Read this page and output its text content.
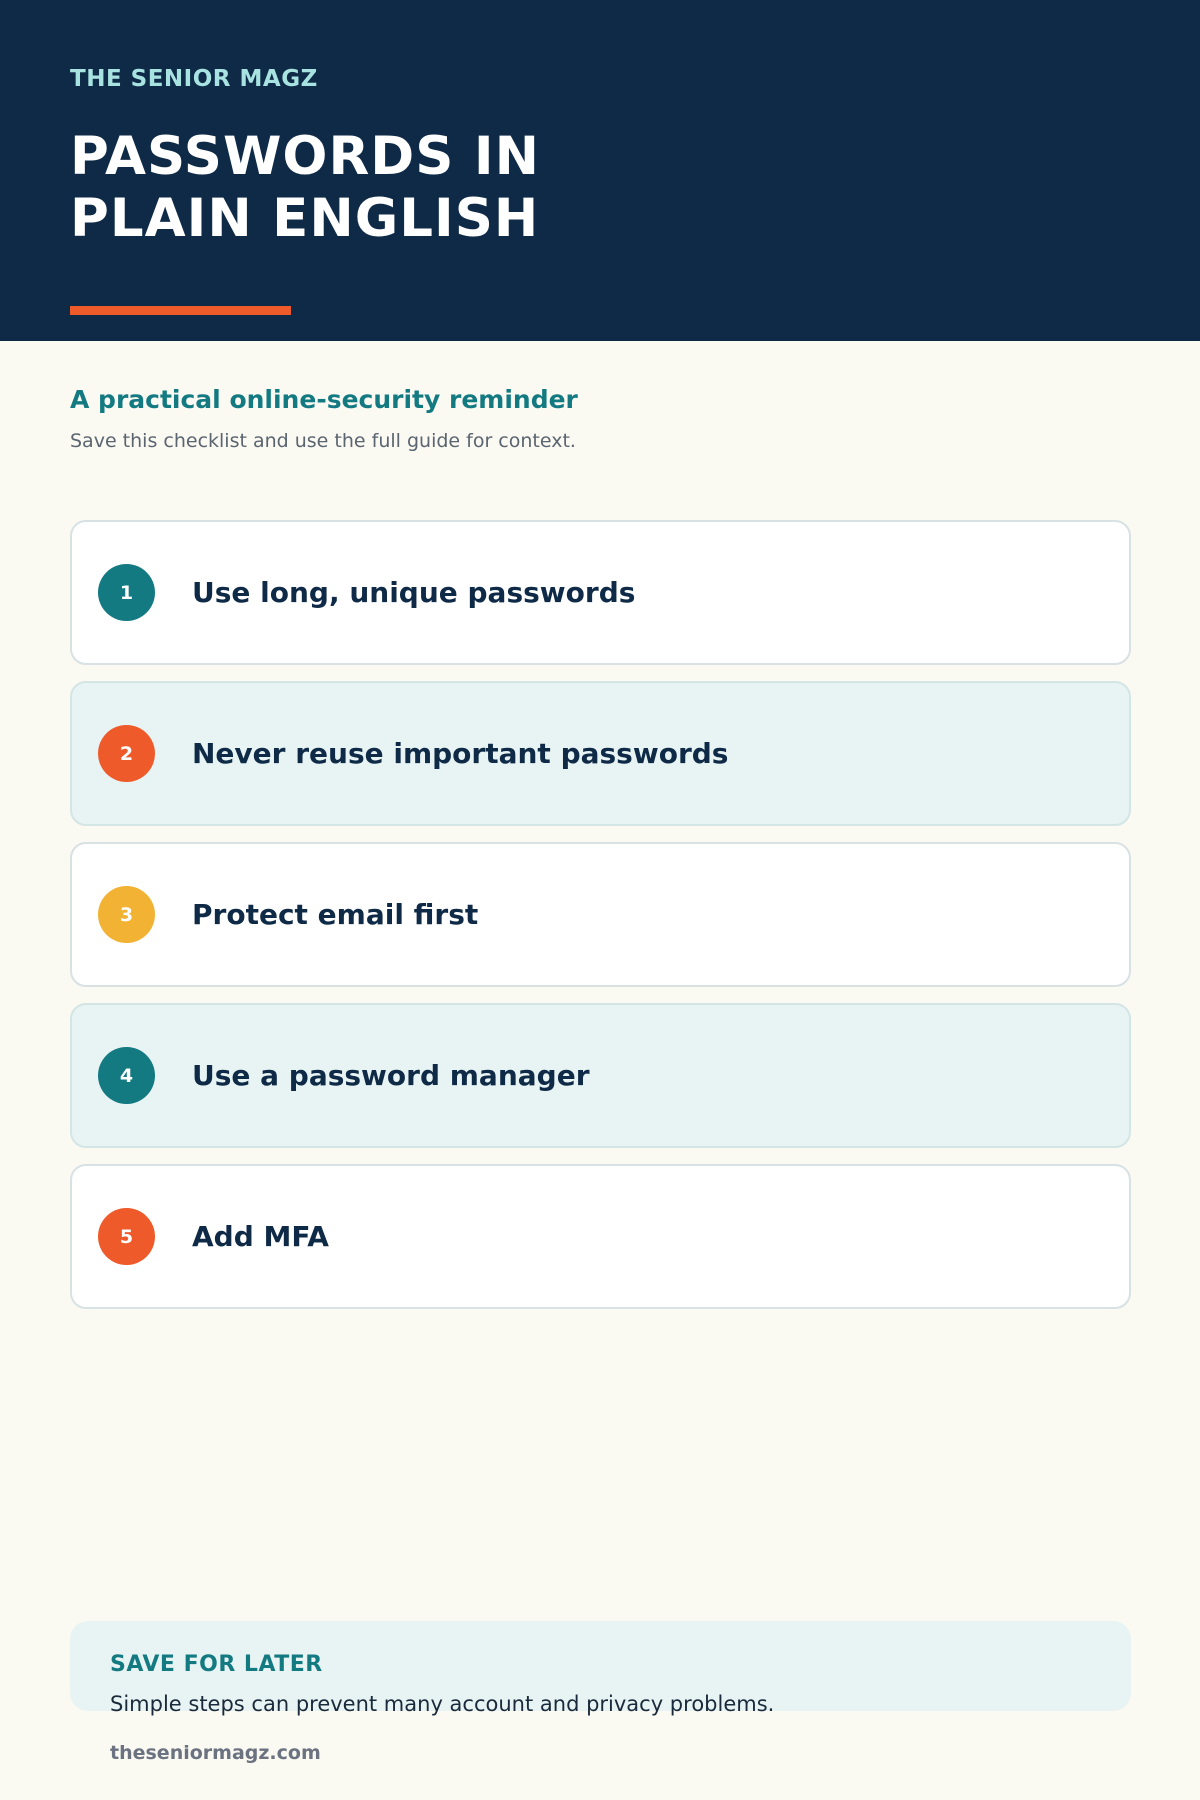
THE SENIOR MAGZ
PASSWORDS IN
PLAIN ENGLISH
A practical online-security reminder
Save this checklist and use the full guide for context.
1	Use long, unique passwords
2	Never reuse important passwords
3	Protect email first
4	Use a password manager
5	Add MFA
SAVE FOR LATER
Simple steps can prevent many account and privacy problems.
theseniormagz.com
